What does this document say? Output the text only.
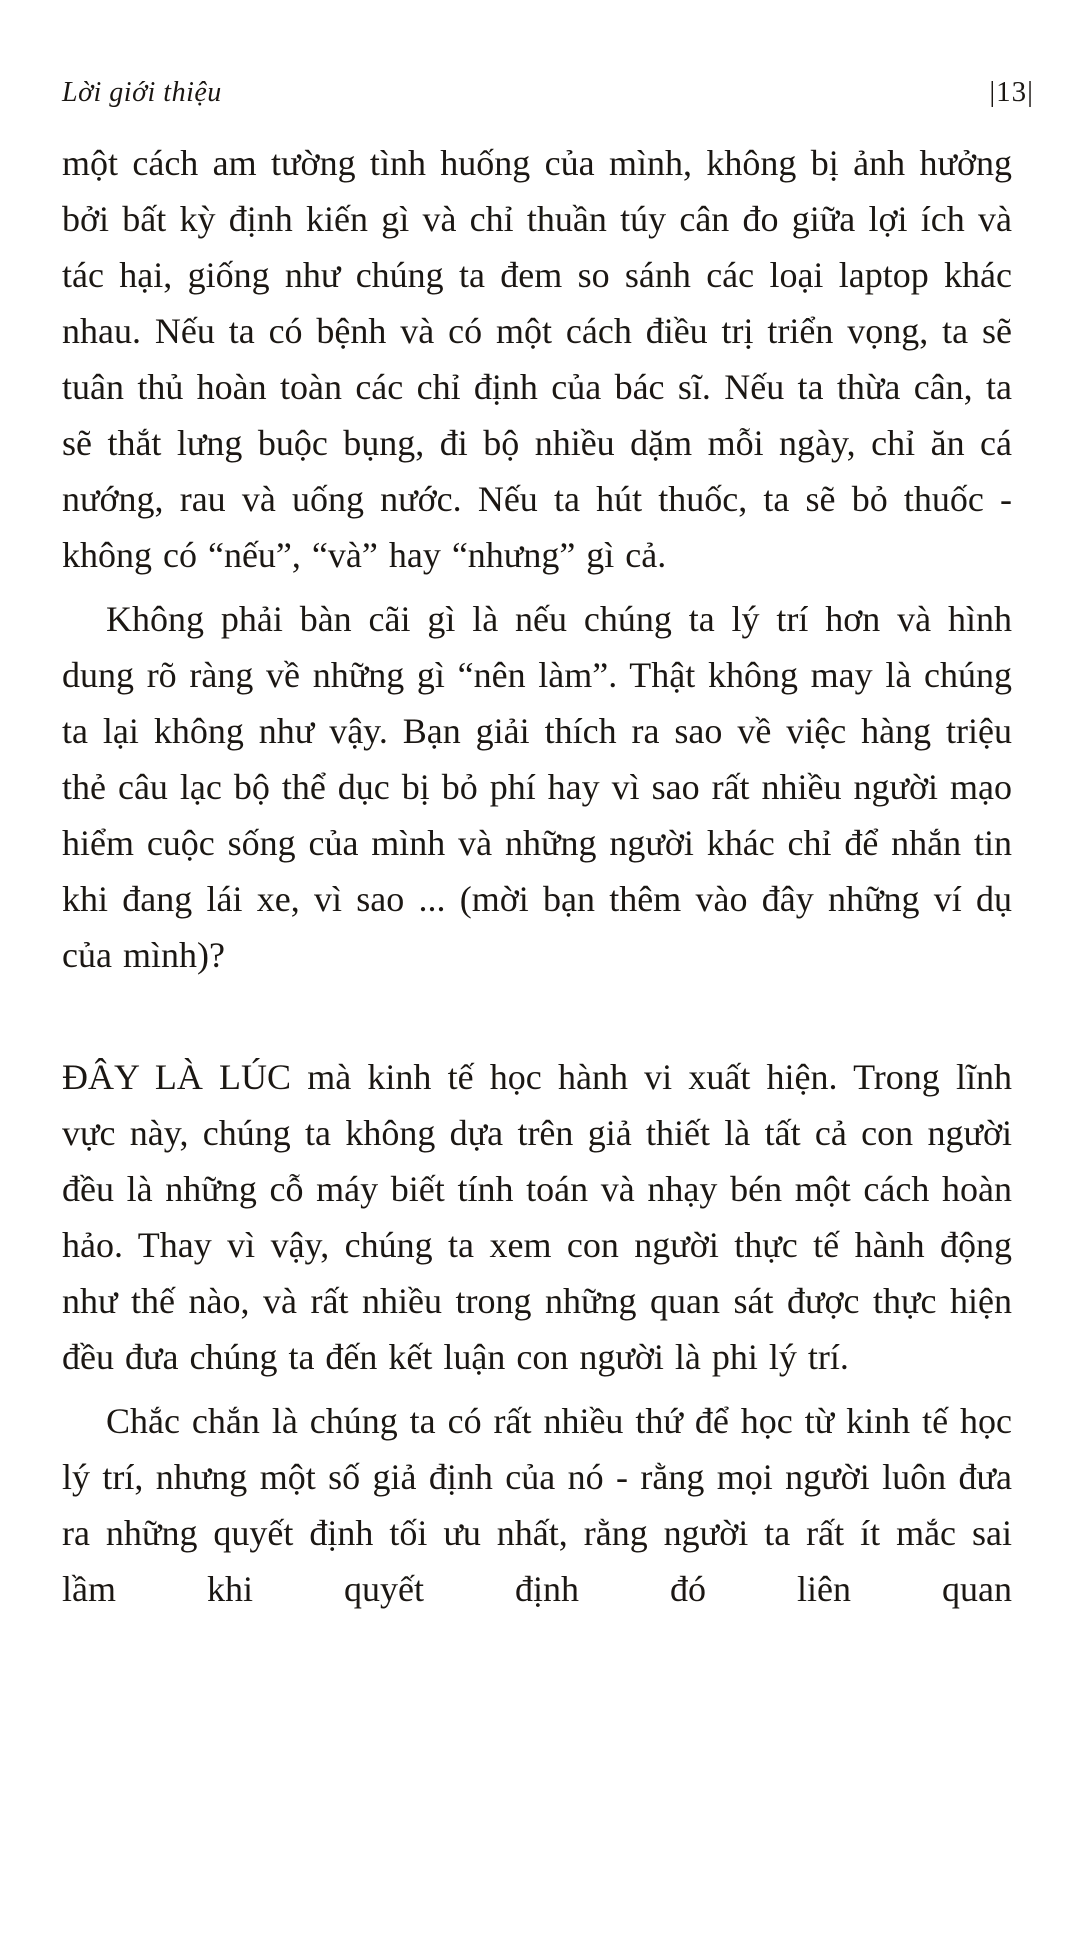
Lời giới thiệu	|13|

một cách am tường tình huống của mình, không bị ảnh hưởng bởi bất kỳ định kiến gì và chỉ thuần túy cân đo giữa lợi ích và tác hại, giống như chúng ta đem so sánh các loại laptop khác nhau. Nếu ta có bệnh và có một cách điều trị triển vọng, ta sẽ tuân thủ hoàn toàn các chỉ định của bác sĩ. Nếu ta thừa cân, ta sẽ thắt lưng buộc bụng, đi bộ nhiều dặm mỗi ngày, chỉ ăn cá nướng, rau và uống nước. Nếu ta hút thuốc, ta sẽ bỏ thuốc - không có “nếu”, “và” hay “nhưng” gì cả.

Không phải bàn cãi gì là nếu chúng ta lý trí hơn và hình dung rõ ràng về những gì “nên làm”. Thật không may là chúng ta lại không như vậy. Bạn giải thích ra sao về việc hàng triệu thẻ câu lạc bộ thể dục bị bỏ phí hay vì sao rất nhiều người mạo hiểm cuộc sống của mình và những người khác chỉ để nhắn tin khi đang lái xe, vì sao ... (mời bạn thêm vào đây những ví dụ của mình)?

ĐÂY LÀ LÚC mà kinh tế học hành vi xuất hiện. Trong lĩnh vực này, chúng ta không dựa trên giả thiết là tất cả con người đều là những cỗ máy biết tính toán và nhạy bén một cách hoàn hảo. Thay vì vậy, chúng ta xem con người thực tế hành động như thế nào, và rất nhiều trong những quan sát được thực hiện đều đưa chúng ta đến kết luận con người là phi lý trí.

Chắc chắn là chúng ta có rất nhiều thứ để học từ kinh tế học lý trí, nhưng một số giả định của nó - rằng mọi người luôn đưa ra những quyết định tối ưu nhất, rằng người ta rất ít mắc sai lầm khi quyết định đó liên quan
